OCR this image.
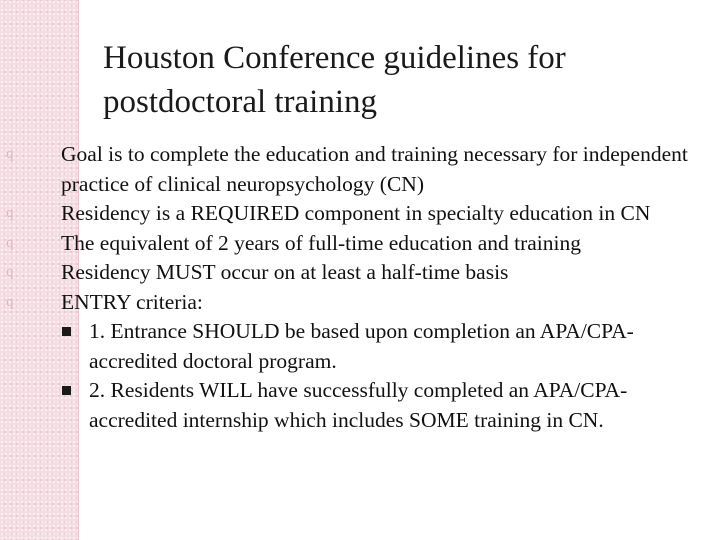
Houston Conference guidelines for postdoctoral training
q Goal is to complete the education and training necessary for independent practice of clinical neuropsychology (CN)
q Residency is a REQUIRED component in specialty education in CN
q The equivalent of 2 years of full-time education and training
q Residency MUST occur on at least a half-time basis
q ENTRY criteria:
1. Entrance SHOULD be based upon completion an APA/CPA-accredited doctoral program.
2. Residents WILL have successfully completed an APA/CPA-accredited internship which includes SOME training in CN.
